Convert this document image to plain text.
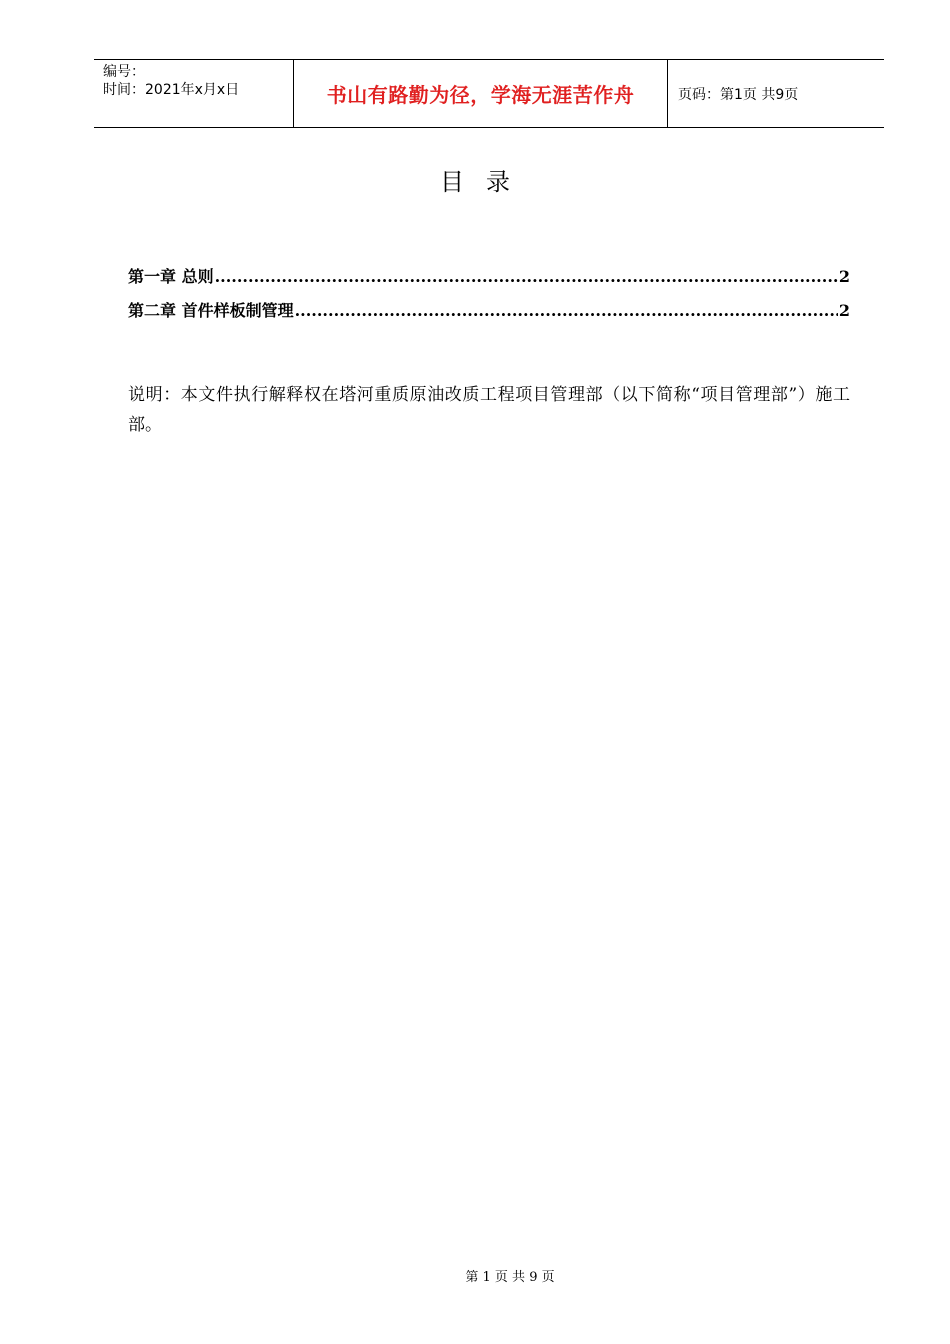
编号：
时间：2021年x月x日	书山有路勤为径，学海无涯苦作舟	页码：第1页 共9页
目录
第一章 总则 .....	2
第二章 首件样板制管理 .....	2
说明：本文件执行解释权在塔河重质原油改质工程项目管理部（以下简称“项目管理部”）施工部。
第 1 页 共 9 页
